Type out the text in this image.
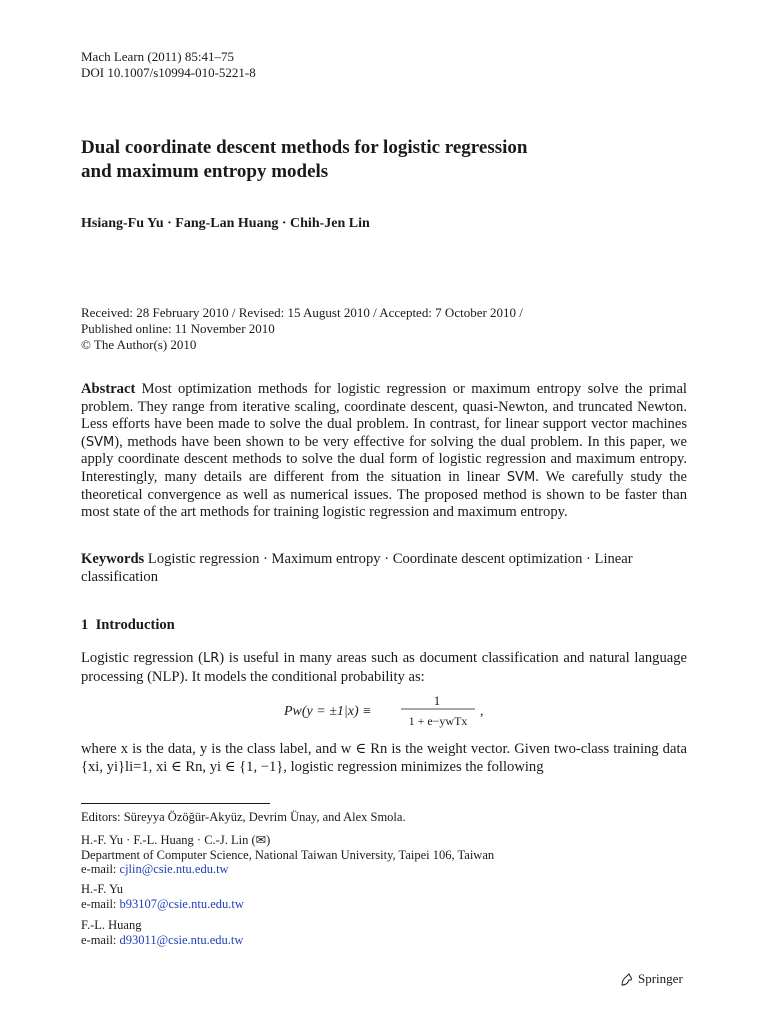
Mach Learn (2011) 85:41–75
DOI 10.1007/s10994-010-5221-8
Dual coordinate descent methods for logistic regression
and maximum entropy models
Hsiang-Fu Yu · Fang-Lan Huang · Chih-Jen Lin
Received: 28 February 2010 / Revised: 15 August 2010 / Accepted: 7 October 2010 /
Published online: 11 November 2010
© The Author(s) 2010
Abstract Most optimization methods for logistic regression or maximum entropy solve the primal problem. They range from iterative scaling, coordinate descent, quasi-Newton, and truncated Newton. Less efforts have been made to solve the dual problem. In contrast, for linear support vector machines (SVM), methods have been shown to be very effective for solving the dual problem. In this paper, we apply coordinate descent methods to solve the dual form of logistic regression and maximum entropy. Interestingly, many details are different from the situation in linear SVM. We carefully study the theoretical convergence as well as numerical issues. The proposed method is shown to be faster than most state of the art methods for training logistic regression and maximum entropy.
Keywords Logistic regression · Maximum entropy · Coordinate descent optimization · Linear classification
1 Introduction
Logistic regression (LR) is useful in many areas such as document classification and natural language processing (NLP). It models the conditional probability as:
Pw(y = ±1|x) ≡
1
1 + e−ywTx
,
where x is the data, y is the class label, and w ∈ Rn is the weight vector. Given two-class training data {xi, yi}li=1, xi ∈ Rn, yi ∈ {1, −1}, logistic regression minimizes the following
Editors: Süreyya Özöğür-Akyüz, Devrim Ünay, and Alex Smola.
H.-F. Yu · F.-L. Huang · C.-J. Lin (✉)
Department of Computer Science, National Taiwan University, Taipei 106, Taiwan
e-mail: cjlin@csie.ntu.edu.tw
H.-F. Yu
e-mail: b93107@csie.ntu.edu.tw
F.-L. Huang
e-mail: d93011@csie.ntu.edu.tw
Springer
